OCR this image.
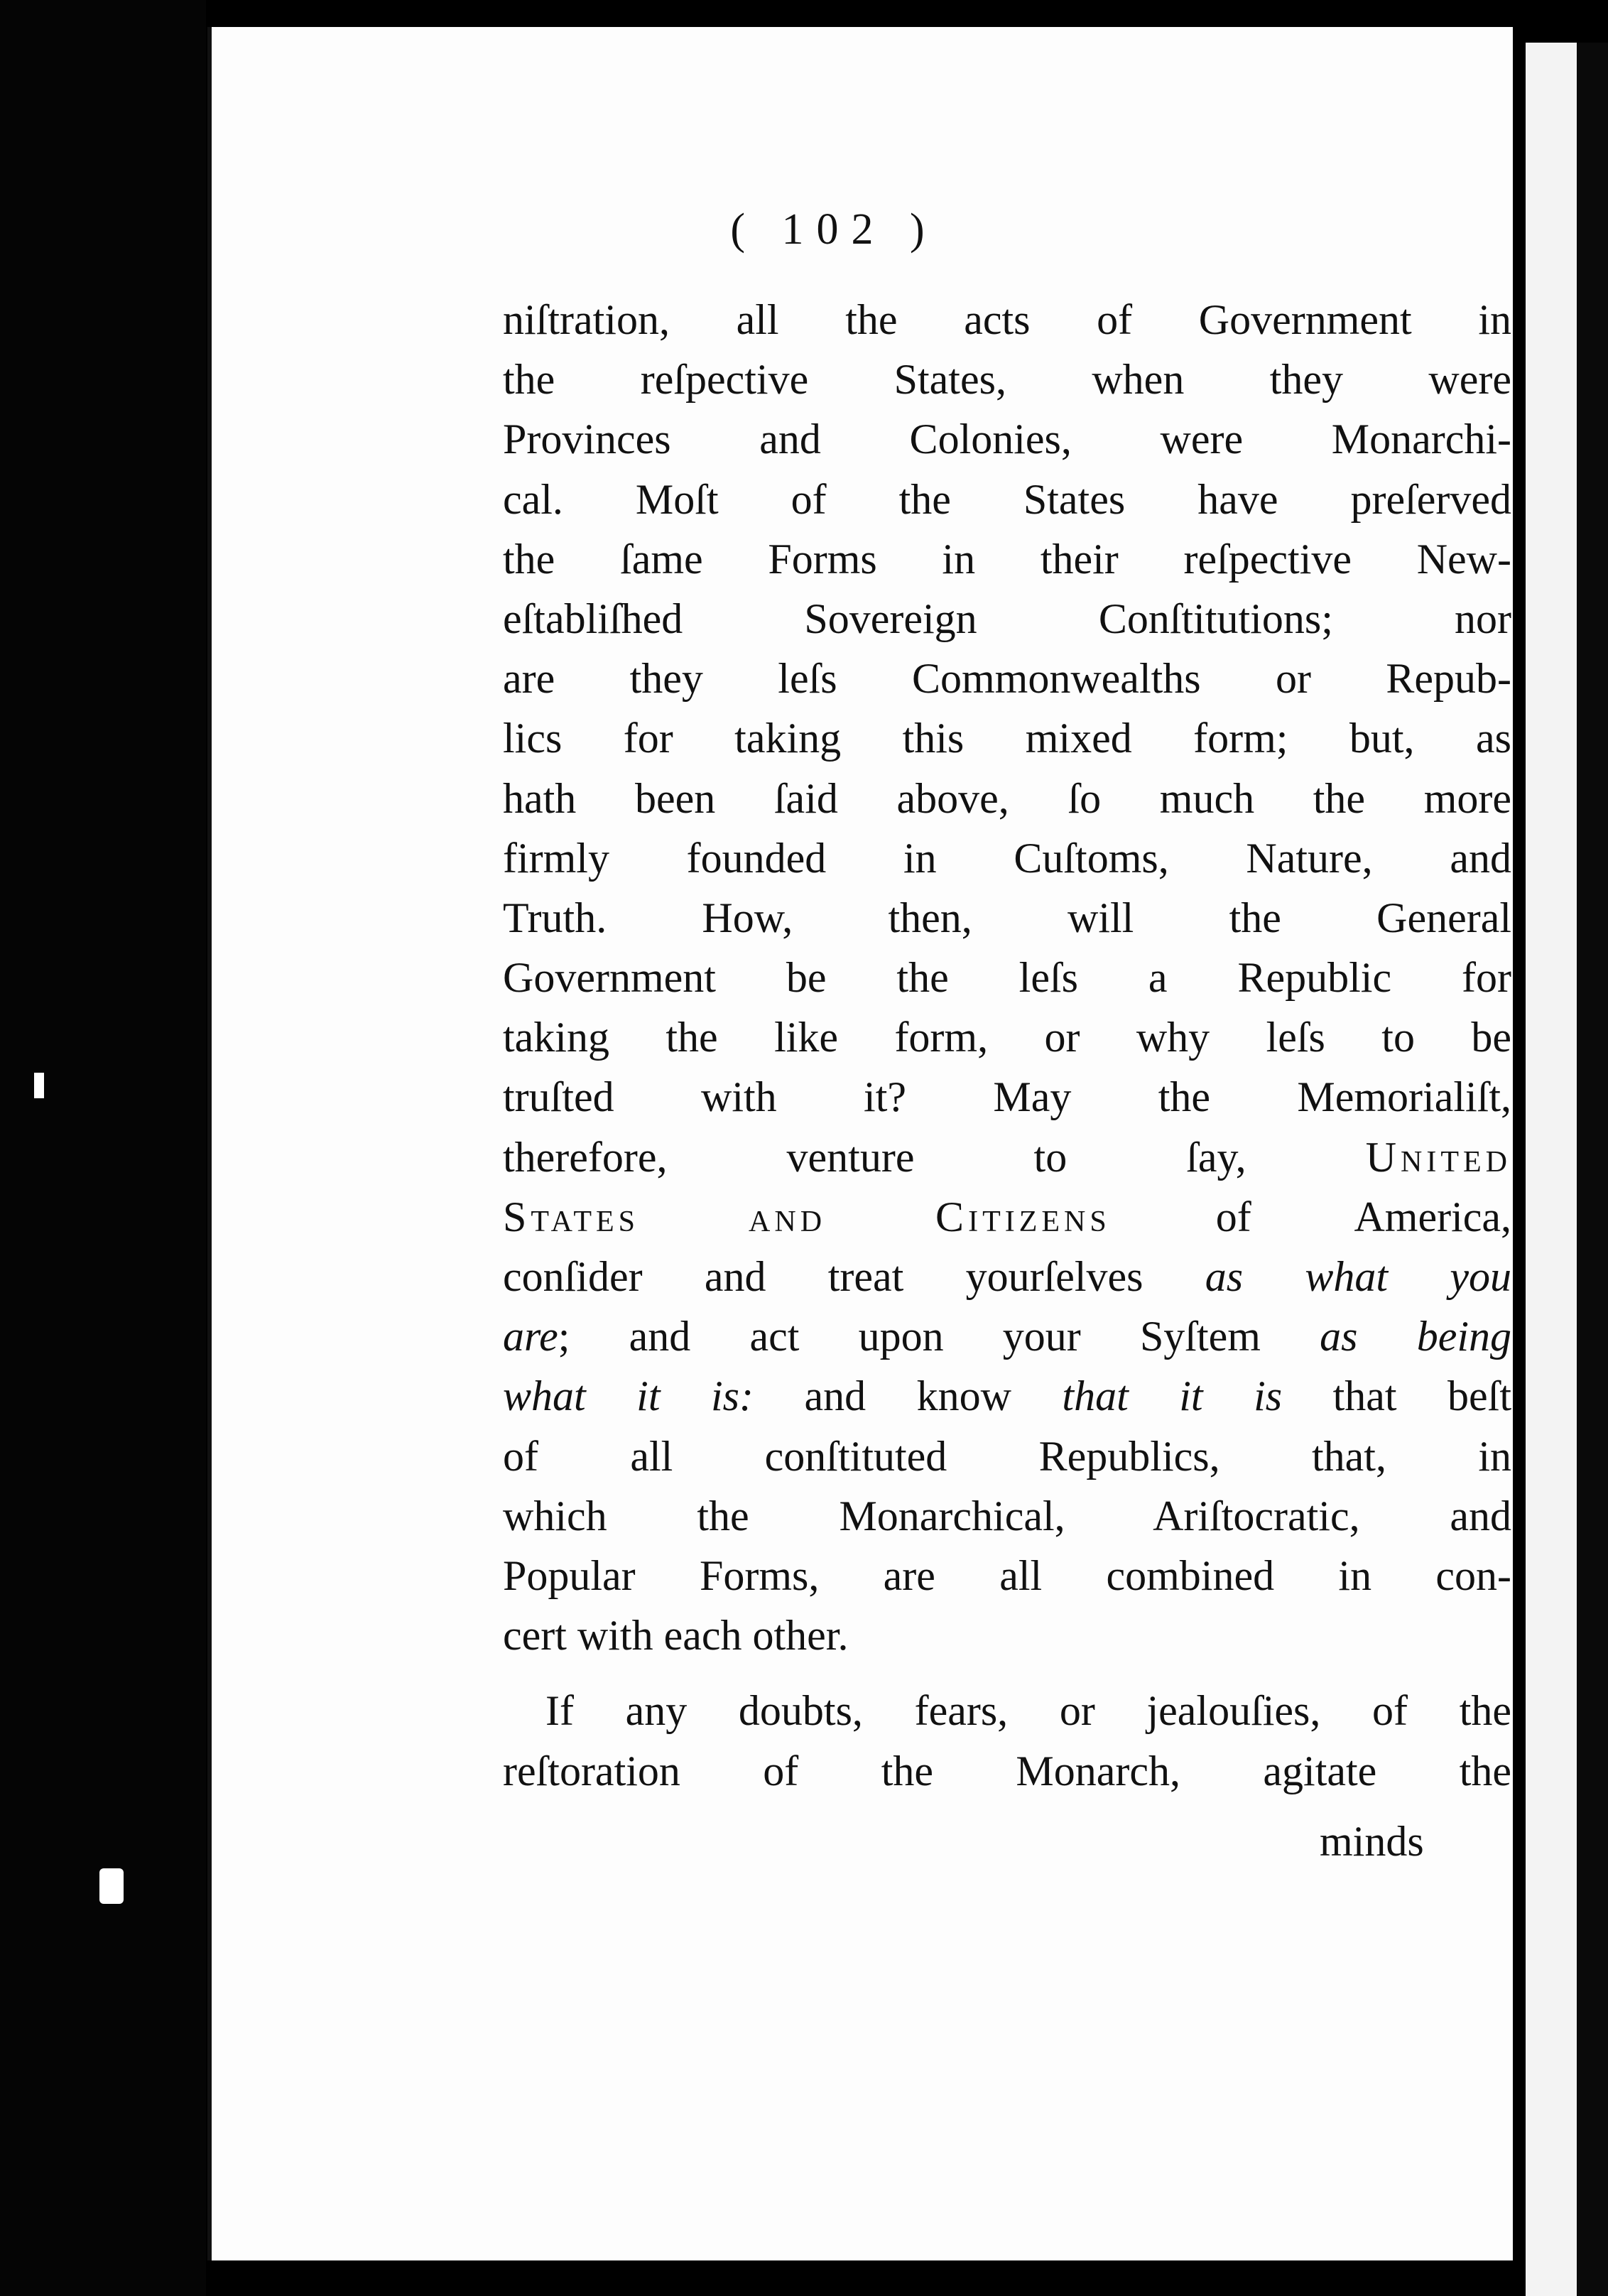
( 102 )
niſtration, all the acts of Government in
the reſpective States, when they were
Provinces and Colonies, were Monarchi-
cal. Moſt of the States have preſerved
the ſame Forms in their reſpective New-
eſtabliſhed Sovereign Conſtitutions; nor
are they leſs Commonwealths or Repub-
lics for taking this mixed form; but, as
hath been ſaid above, ſo much the more
firmly founded in Cuſtoms, Nature, and
Truth. How, then, will the General
Government be the leſs a Republic for
taking the like form, or why leſs to be
truſted with it? May the Memorialiſt,
therefore, venture to ſay,	United
States and Citizens of America,
conſider and treat yourſelves as what you
are; and act upon your Syſtem as being
what it is: and know that it is that beſt
of all conſtituted Republics, that, in
which the Monarchical, Ariſtocratic, and
Popular Forms, are all combined in con-
cert with each other.
If any doubts, fears, or jealouſies, of the
reſtoration of the Monarch, agitate the
minds
